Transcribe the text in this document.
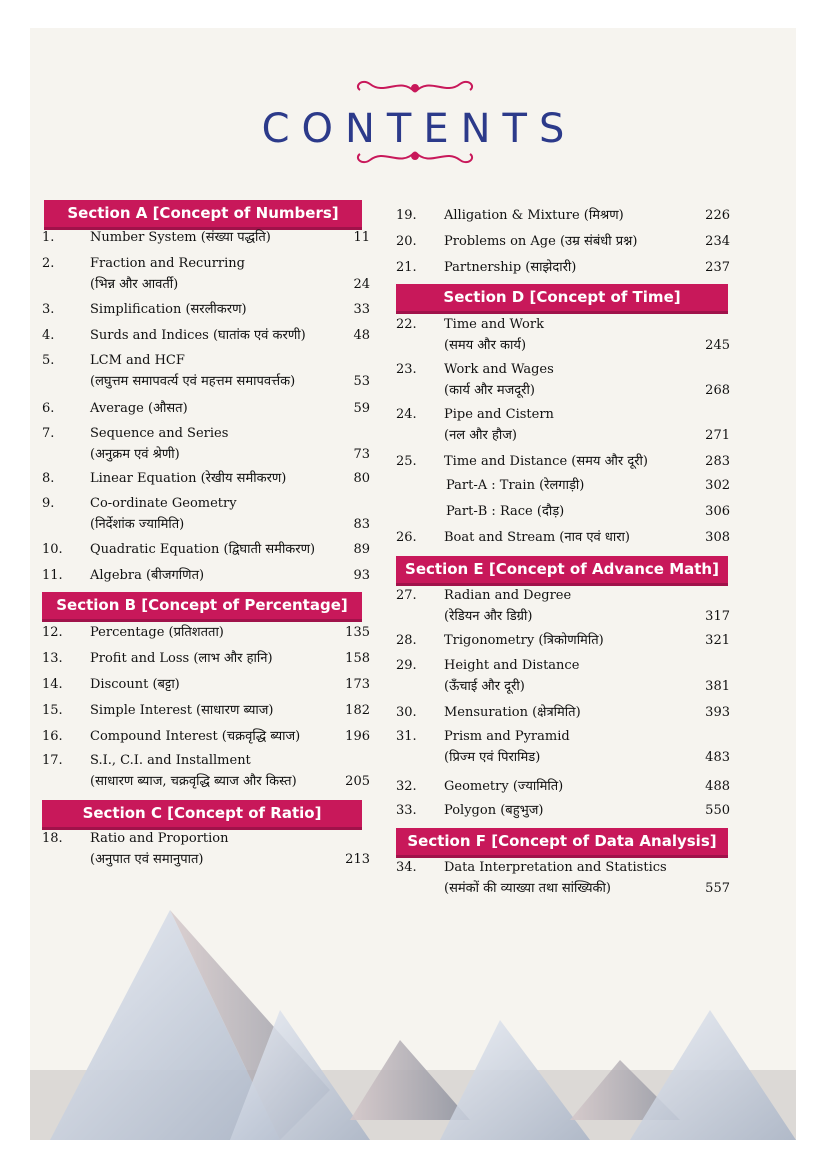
CONTENTS
Section A [Concept of Numbers]
Section B [Concept of Percentage]
Section C [Concept of Ratio]
Section D [Concept of Time]
Section E [Concept of Advance Math]
Section F [Concept of Data Analysis]
1.	Number System (संख्या पद्धति)	11
2.	Fraction and Recurring
(भिन्न और आवर्ती)	24
3.	Simplification (सरलीकरण)	33
4.	Surds and Indices (घातांक एवं करणी)	48
5.	LCM and HCF
(लघुत्तम समापवर्त्य एवं महत्तम समापवर्त्तक)	53
6.	Average (औसत)	59
7.	Sequence and Series
(अनुक्रम एवं श्रेणी)	73
8.	Linear Equation (रेखीय समीकरण)	80
9.	Co-ordinate Geometry
(निर्देशांक ज्यामिति)	83
10.	Quadratic Equation (द्विघाती समीकरण)	89
11.	Algebra (बीजगणित)	93
12.	Percentage (प्रतिशतता)	135
13.	Profit and Loss (लाभ और हानि)	158
14.	Discount (बट्टा)	173
15.	Simple Interest (साधारण ब्याज)	182
16.	Compound Interest (चक्रवृद्धि ब्याज)	196
17.	S.I., C.I. and Installment
(साधारण ब्याज, चक्रवृद्धि ब्याज और किस्त)	205
18.	Ratio and Proportion
(अनुपात एवं समानुपात)	213
19.	Alligation & Mixture (मिश्रण)	226
20.	Problems on Age (उम्र संबंधी प्रश्न)	234
21.	Partnership (साझेदारी)	237
22.	Time and Work
(समय और कार्य)	245
23.	Work and Wages
(कार्य और मजदूरी)	268
24.	Pipe and Cistern
(नल और हौज)	271
25.	Time and Distance (समय और दूरी)	283
Part-A : Train (रेलगाड़ी)	302
Part-B : Race (दौड़)	306
26.	Boat and Stream (नाव एवं धारा)	308
27.	Radian and Degree
(रेडियन और डिग्री)	317
28.	Trigonometry (त्रिकोणमिति)	321
29.	Height and Distance
(ऊँचाई और दूरी)	381
30.	Mensuration (क्षेत्रमिति)	393
31.	Prism and Pyramid
(प्रिज्म एवं पिरामिड)	483
32.	Geometry (ज्यामिति)	488
33.	Polygon (बहुभुज)	550
34.	Data Interpretation and Statistics
(समंकों की व्याख्या तथा सांख्यिकी)	557
